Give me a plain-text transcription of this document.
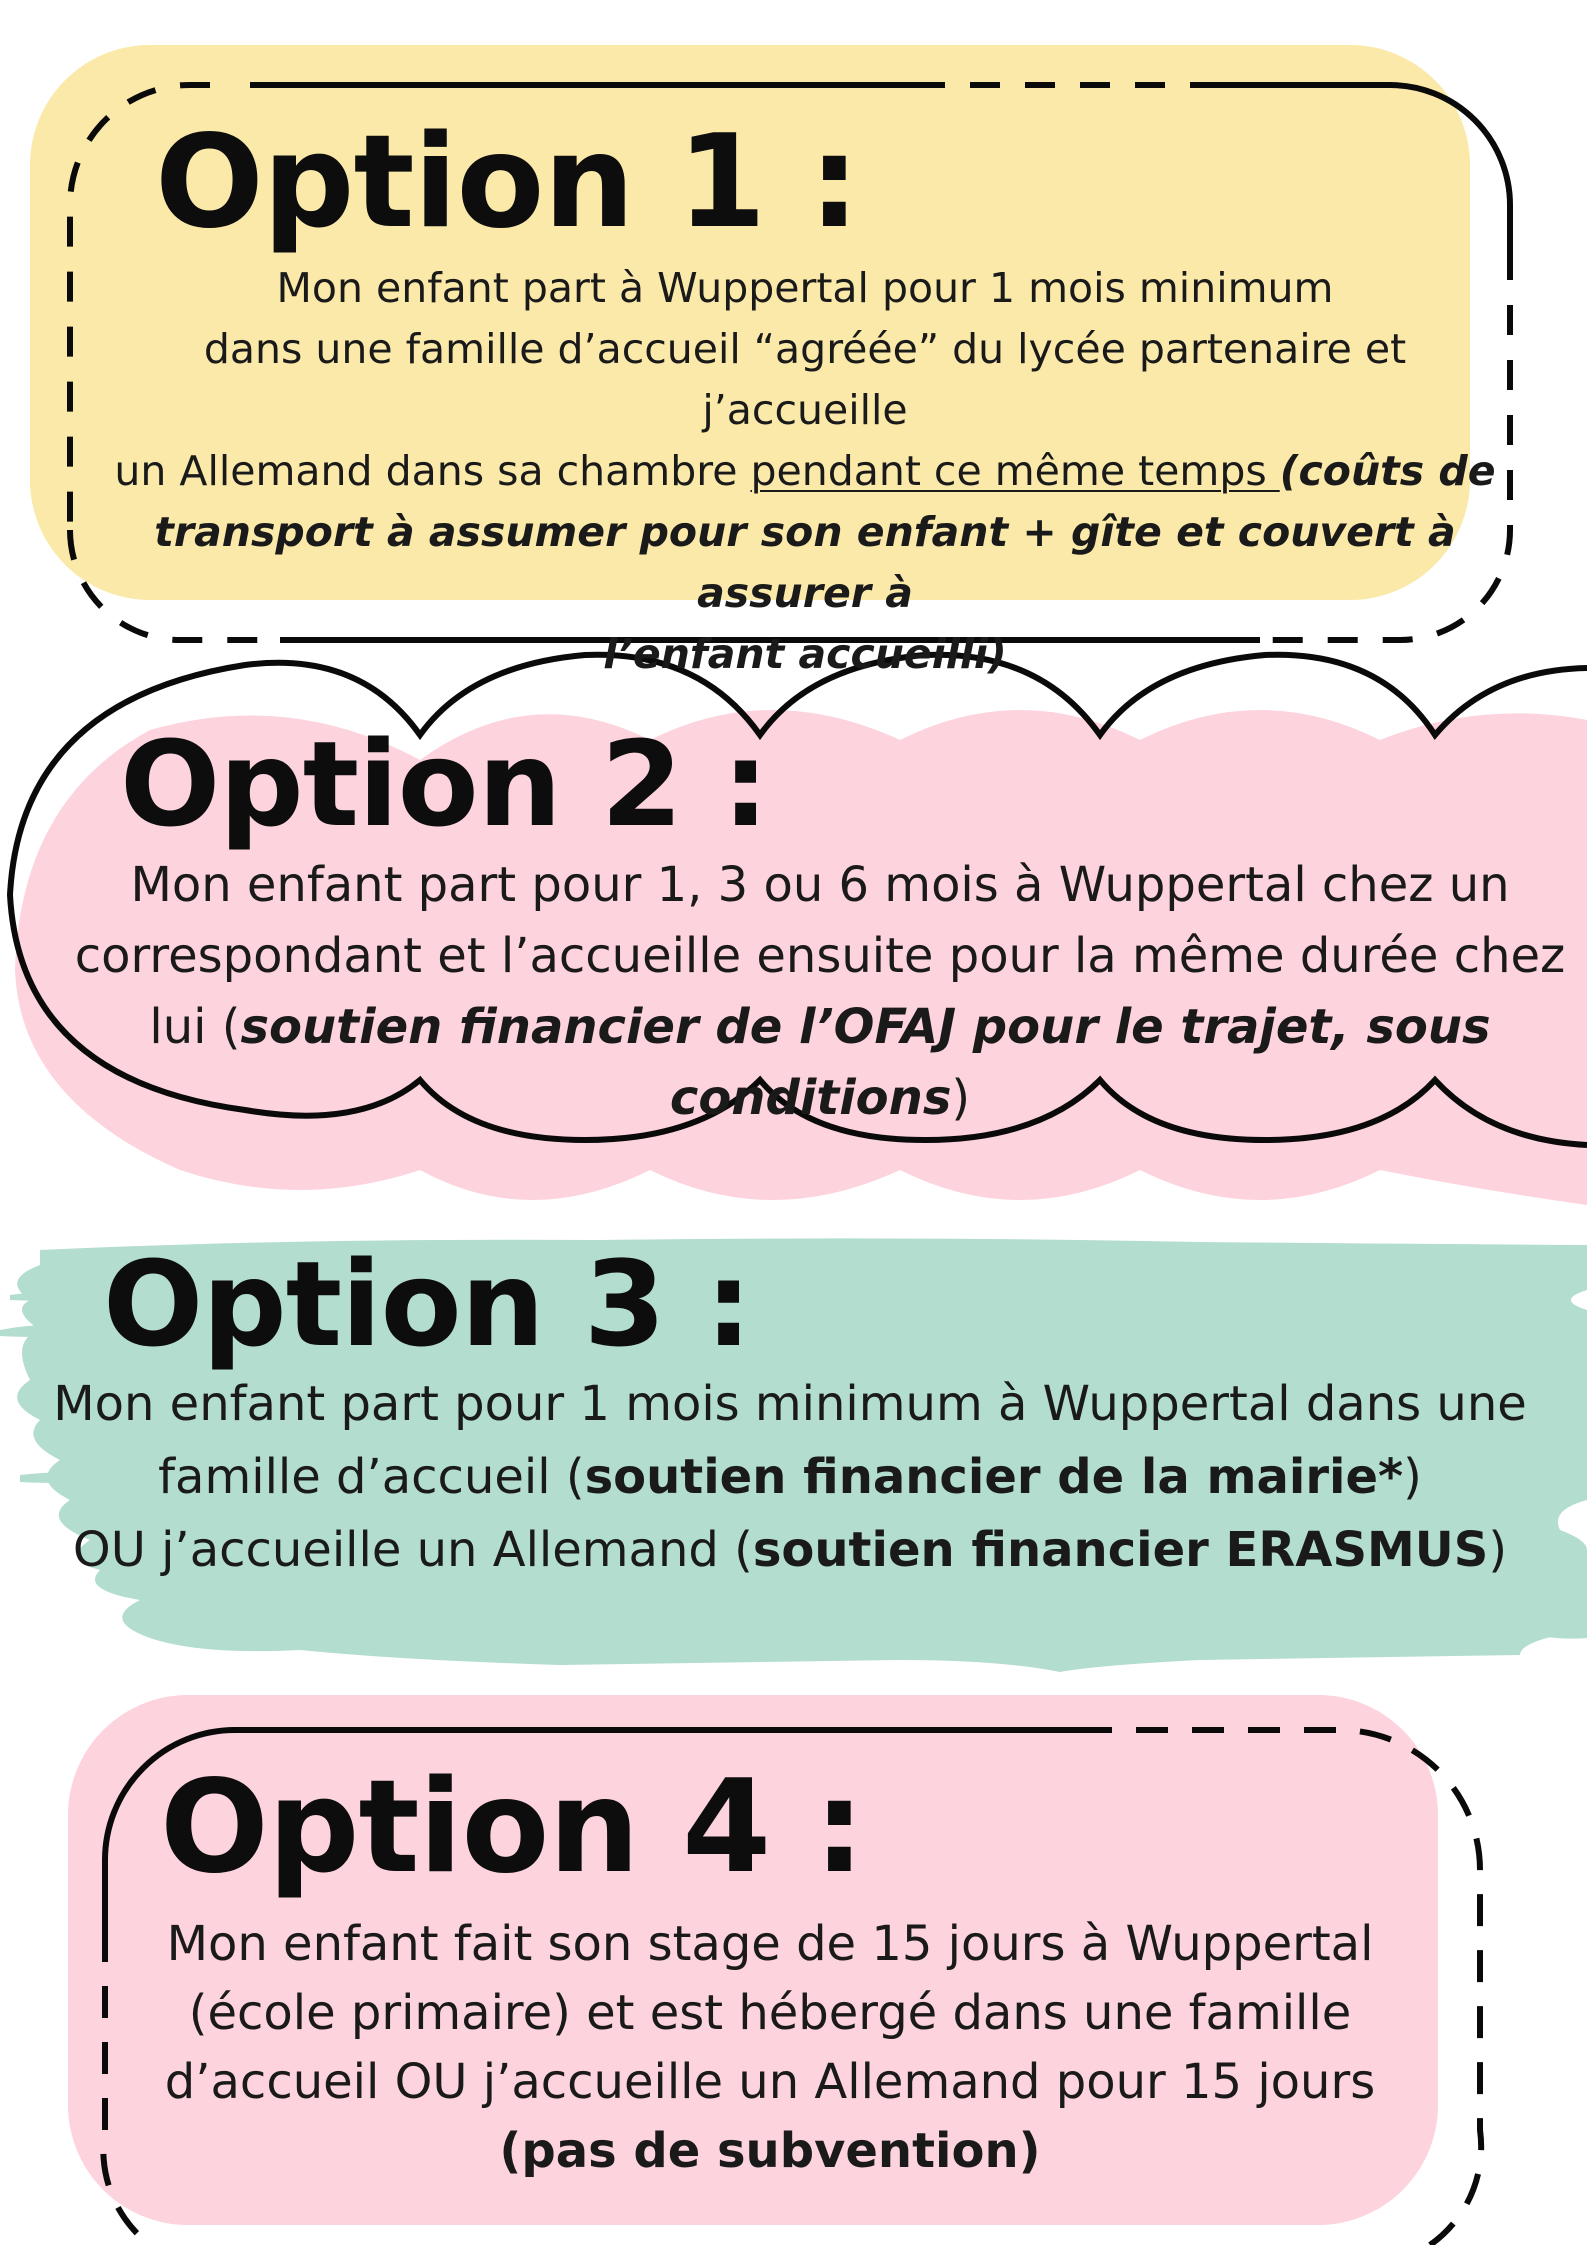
Option 1 :

Mon enfant part à Wuppertal pour 1 mois minimum

dans une famille d’accueil “agréée” du lycée partenaire et j’accueille

un Allemand dans sa chambre pendant ce même temps (coûts de

transport à assumer pour son enfant + gîte et couvert à assurer à

l’enfant accueilli)

Option 2 :

Mon enfant part pour 1, 3 ou 6 mois à Wuppertal chez un

correspondant et l’accueille ensuite pour la même durée chez

lui (soutien financier de l’OFAJ pour le trajet, sous conditions)

Option 3 :

Mon enfant part pour 1 mois minimum à Wuppertal dans une

famille d’accueil (soutien financier de la mairie*)

OU j’accueille un Allemand (soutien financier ERASMUS)

Option 4 :

Mon enfant fait son stage de 15 jours à Wuppertal

(école primaire) et est hébergé dans une famille

d’accueil OU j’accueille un Allemand pour 15 jours

(pas de subvention)
